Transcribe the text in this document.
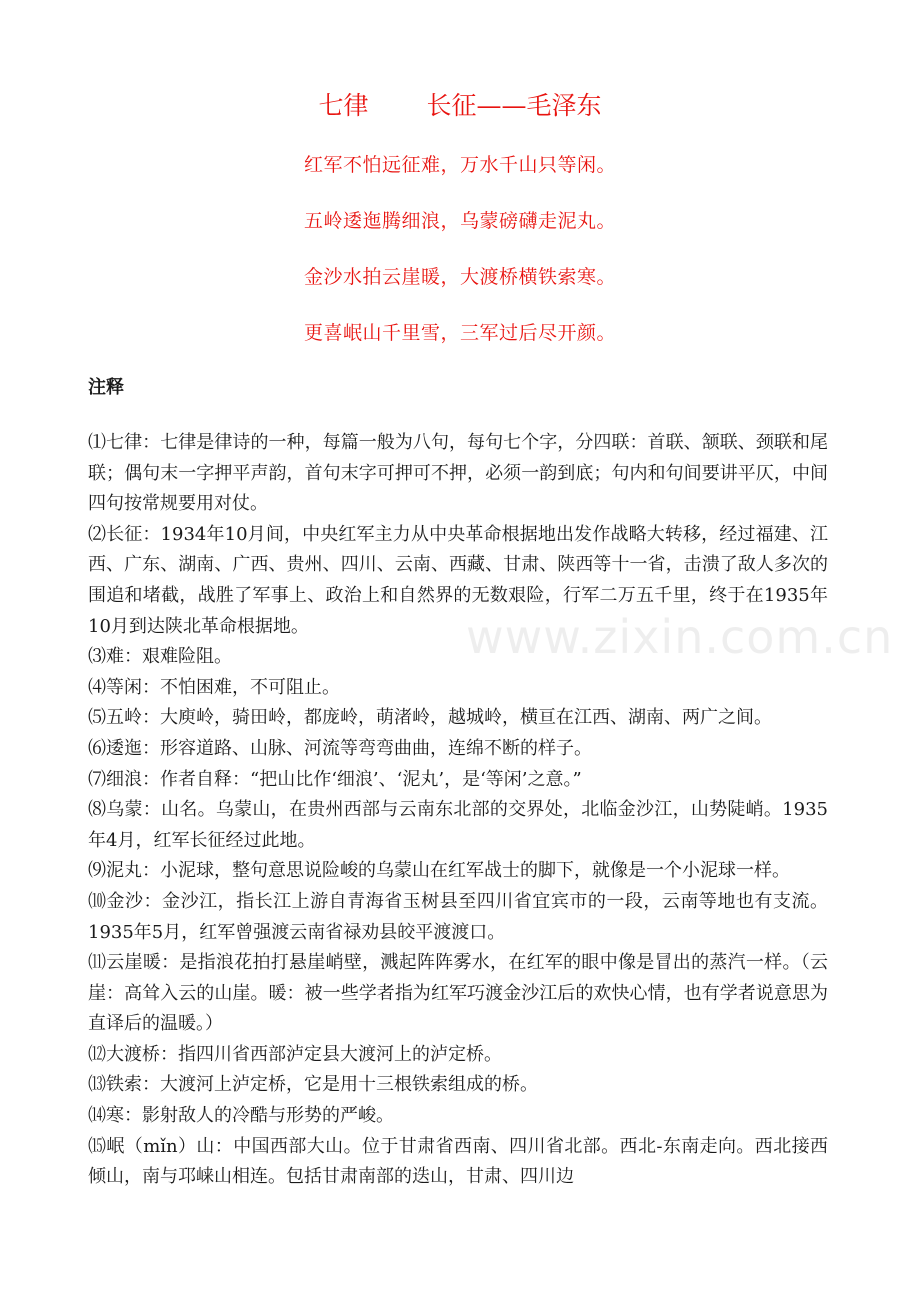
七律　　 长征——毛泽东
红军不怕远征难，万水千山只等闲。
五岭逶迤腾细浪，乌蒙磅礴走泥丸。
金沙水拍云崖暖，大渡桥横铁索寒。
更喜岷山千里雪，三军过后尽开颜。
注释

⑴七律：七律是律诗的一种，每篇一般为八句，每句七个字，分四联：首联、颔联、颈联和尾联；偶句末一字押平声韵，首句末字可押可不押，必须一韵到底；句内和句间要讲平仄，中间四句按常规要用对仗。

⑵长征：1934年10月间，中央红军主力从中央革命根据地出发作战略大转移，经过福建、江西、广东、湖南、广西、贵州、四川、云南、西藏、甘肃、陕西等十一省，击溃了敌人多次的围追和堵截，战胜了军事上、政治上和自然界的无数艰险，行军二万五千里，终于在1935年10月到达陕北革命根据地。

⑶难：艰难险阻。

⑷等闲：不怕困难，不可阻止。

⑸五岭：大庾岭，骑田岭，都庞岭，萌渚岭，越城岭，横亘在江西、湖南、两广之间。

⑹逶迤：形容道路、山脉、河流等弯弯曲曲，连绵不断的样子。

⑺细浪：作者自释：“把山比作‘细浪’、‘泥丸’，是‘等闲’之意。”

⑻乌蒙：山名。乌蒙山，在贵州西部与云南东北部的交界处，北临金沙江，山势陡峭。1935年4月，红军长征经过此地。

⑼泥丸：小泥球，整句意思说险峻的乌蒙山在红军战士的脚下，就像是一个小泥球一样。

⑽金沙：金沙江，指长江上游自青海省玉树县至四川省宜宾市的一段，云南等地也有支流。1935年5月，红军曾强渡云南省禄劝县皎平渡渡口。

⑾云崖暖：是指浪花拍打悬崖峭壁，溅起阵阵雾水，在红军的眼中像是冒出的蒸汽一样。（云崖：高耸入云的山崖。暖：被一些学者指为红军巧渡金沙江后的欢快心情，也有学者说意思为直译后的温暖。）

⑿大渡桥：指四川省西部泸定县大渡河上的泸定桥。

⒀铁索：大渡河上泸定桥，它是用十三根铁索组成的桥。

⒁寒：影射敌人的冷酷与形势的严峻。

⒂岷（mǐn）山：中国西部大山。位于甘肃省西南、四川省北部。西北-东南走向。西北接西倾山，南与邛崃山相连。包括甘肃南部的迭山，甘肃、四川边

www.zixin.com.cn
